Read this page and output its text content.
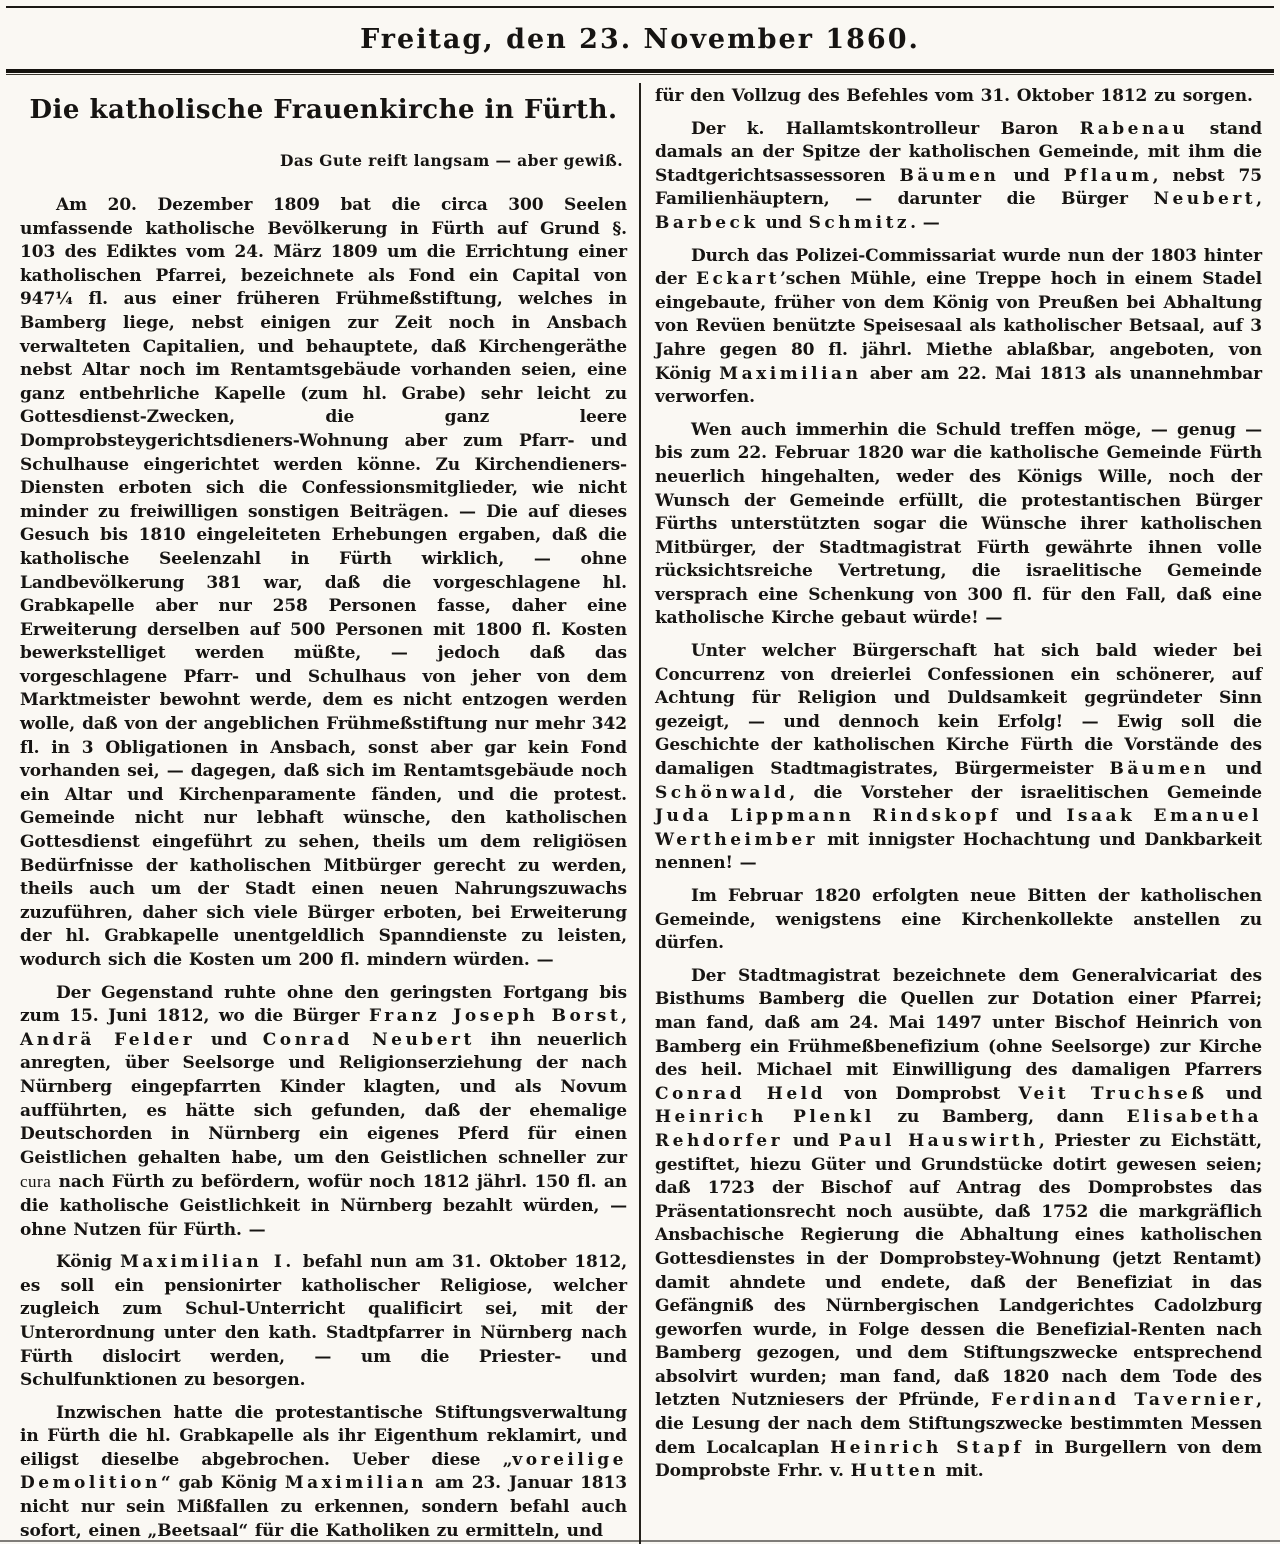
Freitag, den 23. November 1860.
Die katholische Frauenkirche in Fürth.
Das Gute reift langsam — aber gewiß.

Am 20. Dezember 1809 bat die circa 300 Seelen umfassende katholische Bevölkerung in Fürth auf Grund §. 103 des Ediktes vom 24. März 1809 um die Errichtung einer katholischen Pfarrei, bezeichnete als Fond ein Capital von 947¼ fl. aus einer früheren Frühmeßstiftung, welches in Bamberg liege, nebst einigen zur Zeit noch in Ansbach verwalteten Capitalien, und behauptete, daß Kirchengeräthe nebst Altar noch im Rentamtsgebäude vorhanden seien, eine ganz entbehrliche Kapelle (zum hl. Grabe) sehr leicht zu Gottesdienst-Zwecken, die ganz leere Domprobsteygerichtsdieners-Wohnung aber zum Pfarr- und Schulhause eingerichtet werden könne. Zu Kirchendieners-Diensten erboten sich die Confessionsmitglieder, wie nicht minder zu freiwilligen sonstigen Beiträgen. — Die auf dieses Gesuch bis 1810 eingeleiteten Erhebungen ergaben, daß die katholische Seelenzahl in Fürth wirklich, — ohne Landbevölkerung 381 war, daß die vorgeschlagene hl. Grabkapelle aber nur 258 Personen fasse, daher eine Erweiterung derselben auf 500 Personen mit 1800 fl. Kosten bewerkstelliget werden müßte, — jedoch daß das vorgeschlagene Pfarr- und Schulhaus von jeher von dem Marktmeister bewohnt werde, dem es nicht entzogen werden wolle, daß von der angeblichen Frühmeßstiftung nur mehr 342 fl. in 3 Obligationen in Ansbach, sonst aber gar kein Fond vorhanden sei, — dagegen, daß sich im Rentamtsgebäude noch ein Altar und Kirchenparamente fänden, und die protest. Gemeinde nicht nur lebhaft wünsche, den katholischen Gottesdienst eingeführt zu sehen, theils um dem religiösen Bedürfnisse der katholischen Mitbürger gerecht zu werden, theils auch um der Stadt einen neuen Nahrungszuwachs zuzuführen, daher sich viele Bürger erboten, bei Erweiterung der hl. Grabkapelle unentgeldlich Spanndienste zu leisten, wodurch sich die Kosten um 200 fl. mindern würden. —

Der Gegenstand ruhte ohne den geringsten Fortgang bis zum 15. Juni 1812, wo die Bürger Franz Joseph Borst, Andrä Felder und Conrad Neubert ihn neuerlich anregten, über Seelsorge und Religionserziehung der nach Nürnberg eingepfarrten Kinder klagten, und als Novum aufführten, es hätte sich gefunden, daß der ehemalige Deutschorden in Nürnberg ein eigenes Pferd für einen Geistlichen gehalten habe, um den Geistlichen schneller zur cura nach Fürth zu befördern, wofür noch 1812 jährl. 150 fl. an die katholische Geistlichkeit in Nürnberg bezahlt würden, — ohne Nutzen für Fürth. —

König Maximilian I. befahl nun am 31. Oktober 1812, es soll ein pensionirter katholischer Religiose, welcher zugleich zum Schul-Unterricht qualificirt sei, mit der Unterordnung unter den kath. Stadtpfarrer in Nürnberg nach Fürth dislocirt werden, — um die Priester- und Schulfunktionen zu besorgen.

Inzwischen hatte die protestantische Stiftungsverwaltung in Fürth die hl. Grabkapelle als ihr Eigenthum reklamirt, und eiligst dieselbe abgebrochen. Ueber diese „voreilige Demolition“ gab König Maximilian am 23. Januar 1813 nicht nur sein Mißfallen zu erkennen, sondern befahl auch sofort, einen „Beetsaal“ für die Katholiken zu ermitteln, und

für den Vollzug des Befehles vom 31. Oktober 1812 zu sorgen.

Der k. Hallamtskontrolleur Baron Rabenau stand damals an der Spitze der katholischen Gemeinde, mit ihm die Stadtgerichtsassessoren Bäumen und Pflaum, nebst 75 Familienhäuptern, — darunter die Bürger Neubert, Barbeck und Schmitz. —

Durch das Polizei-Commissariat wurde nun der 1803 hinter der Eckart’schen Mühle, eine Treppe hoch in einem Stadel eingebaute, früher von dem König von Preußen bei Abhaltung von Revüen benützte Speisesaal als katholischer Betsaal, auf 3 Jahre gegen 80 fl. jährl. Miethe ablaßbar, angeboten, von König Maximilian aber am 22. Mai 1813 als unannehmbar verworfen.

Wen auch immerhin die Schuld treffen möge, — genug — bis zum 22. Februar 1820 war die katholische Gemeinde Fürth neuerlich hingehalten, weder des Königs Wille, noch der Wunsch der Gemeinde erfüllt, die protestantischen Bürger Fürths unterstützten sogar die Wünsche ihrer katholischen Mitbürger, der Stadtmagistrat Fürth gewährte ihnen volle rücksichtsreiche Vertretung, die israelitische Gemeinde versprach eine Schenkung von 300 fl. für den Fall, daß eine katholische Kirche gebaut würde! —

Unter welcher Bürgerschaft hat sich bald wieder bei Concurrenz von dreierlei Confessionen ein schönerer, auf Achtung für Religion und Duldsamkeit gegründeter Sinn gezeigt, — und dennoch kein Erfolg! — Ewig soll die Geschichte der katholischen Kirche Fürth die Vorstände des damaligen Stadtmagistrates, Bürgermeister Bäumen und Schönwald, die Vorsteher der israelitischen Gemeinde Juda Lippmann Rindskopf und Isaak Emanuel Wertheimber mit innigster Hochachtung und Dankbarkeit nennen! —

Im Februar 1820 erfolgten neue Bitten der katholischen Gemeinde, wenigstens eine Kirchenkollekte anstellen zu dürfen.

Der Stadtmagistrat bezeichnete dem Generalvicariat des Bisthums Bamberg die Quellen zur Dotation einer Pfarrei; man fand, daß am 24. Mai 1497 unter Bischof Heinrich von Bamberg ein Frühmeßbenefizium (ohne Seelsorge) zur Kirche des heil. Michael mit Einwilligung des damaligen Pfarrers Conrad Held von Domprobst Veit Truchseß und Heinrich Plenkl zu Bamberg, dann Elisabetha Rehdorfer und Paul Hauswirth, Priester zu Eichstätt, gestiftet, hiezu Güter und Grundstücke dotirt gewesen seien; daß 1723 der Bischof auf Antrag des Domprobstes das Präsentationsrecht noch ausübte, daß 1752 die markgräflich Ansbachische Regierung die Abhaltung eines katholischen Gottesdienstes in der Domprobstey-Wohnung (jetzt Rentamt) damit ahndete und endete, daß der Benefiziat in das Gefängniß des Nürnbergischen Landgerichtes Cadolzburg geworfen wurde, in Folge dessen die Benefizial-Renten nach Bamberg gezogen, und dem Stiftungszwecke entsprechend absolvirt wurden; man fand, daß 1820 nach dem Tode des letzten Nutzniesers der Pfründe, Ferdinand Tavernier, die Lesung der nach dem Stiftungszwecke bestimmten Messen dem Localcaplan Heinrich Stapf in Burgellern von dem Domprobste Frhr. v. Hutten mit.
